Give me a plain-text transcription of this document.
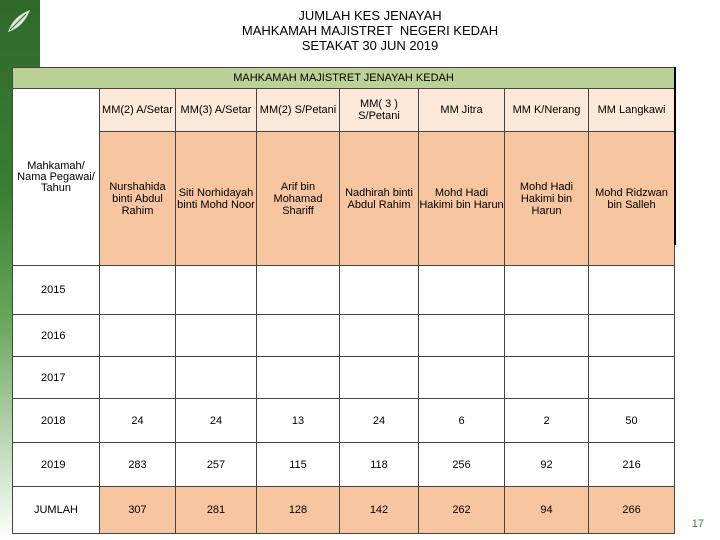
JUMLAH KES JENAYAH
MAHKAMAH MAJISTRET  NEGERI KEDAH
SETAKAT 30 JUN 2019
MAHKAMAH MAJISTRET JENAYAH KEDAH							
Mahkamah/ Nama Pegawai/ Tahun	MM(2) A/Setar	MM(3) A/Setar	MM(2) S/Petani	MM( 3 ) S/Petani	MM Jitra	MM K/Nerang	MM Langkawi
	Nurshahida binti Abdul Rahim	Siti Norhidayah binti Mohd Noor	Arif bin Mohamad Shariff	Nadhirah binti Abdul Rahim	Mohd Hadi Hakimi bin Harun	Mohd Hadi Hakimi bin Harun	Mohd Ridzwan bin Salleh
2015							
2016							
2017							
2018	24	24	13	24	6	2	50
2019	283	257	115	118	256	92	216
JUMLAH	307	281	128	142	262	94	266
17
